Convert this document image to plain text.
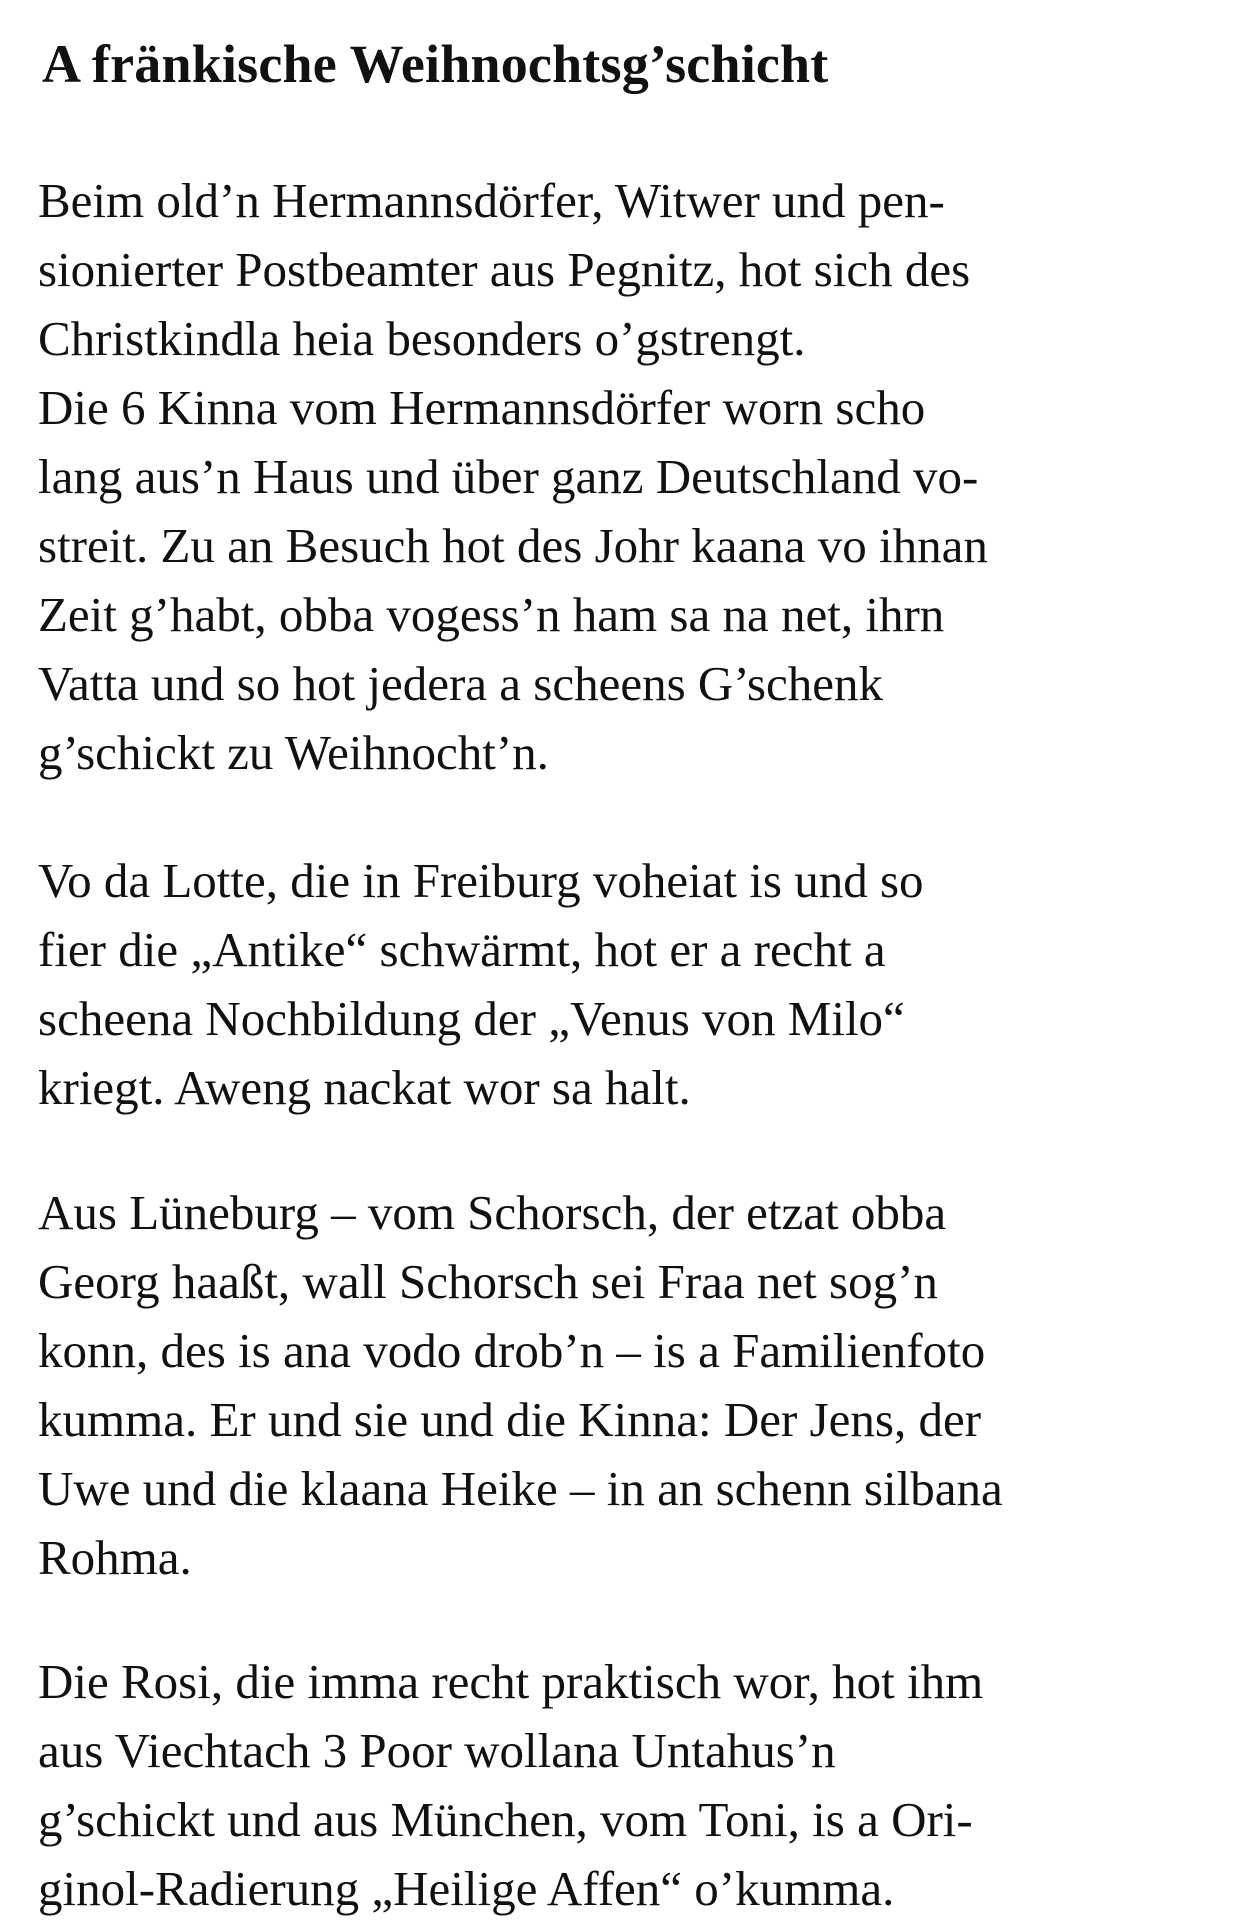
A fränkische Weihnochtsg’schicht

Beim old’n Hermannsdörfer, Witwer und pen-
sionierter Postbeamter aus Pegnitz, hot sich des
Christkindla heia besonders o’gstrengt.
Die 6 Kinna vom Hermannsdörfer worn scho
lang aus’n Haus und über ganz Deutschland vo-
streit. Zu an Besuch hot des Johr kaana vo ihnan
Zeit g’habt, obba vogess’n ham sa na net, ihrn
Vatta und so hot jedera a scheens G’schenk
g’schickt zu Weihnocht’n.

Vo da Lotte, die in Freiburg voheiat is und so
fier die „Antike“ schwärmt, hot er a recht a
scheena Nochbildung der „Venus von Milo“
kriegt. Aweng nackat wor sa halt.

Aus Lüneburg – vom Schorsch, der etzat obba
Georg haaßt, wall Schorsch sei Fraa net sog’n
konn, des is ana vodo drob’n – is a Familienfoto
kumma. Er und sie und die Kinna: Der Jens, der
Uwe und die klaana Heike – in an schenn silbana
Rohma.

Die Rosi, die imma recht praktisch wor, hot ihm
aus Viechtach 3 Poor wollana Untahus’n
g’schickt und aus München, vom Toni, is a Ori-
ginol-Radierung „Heilige Affen“ o’kumma.
